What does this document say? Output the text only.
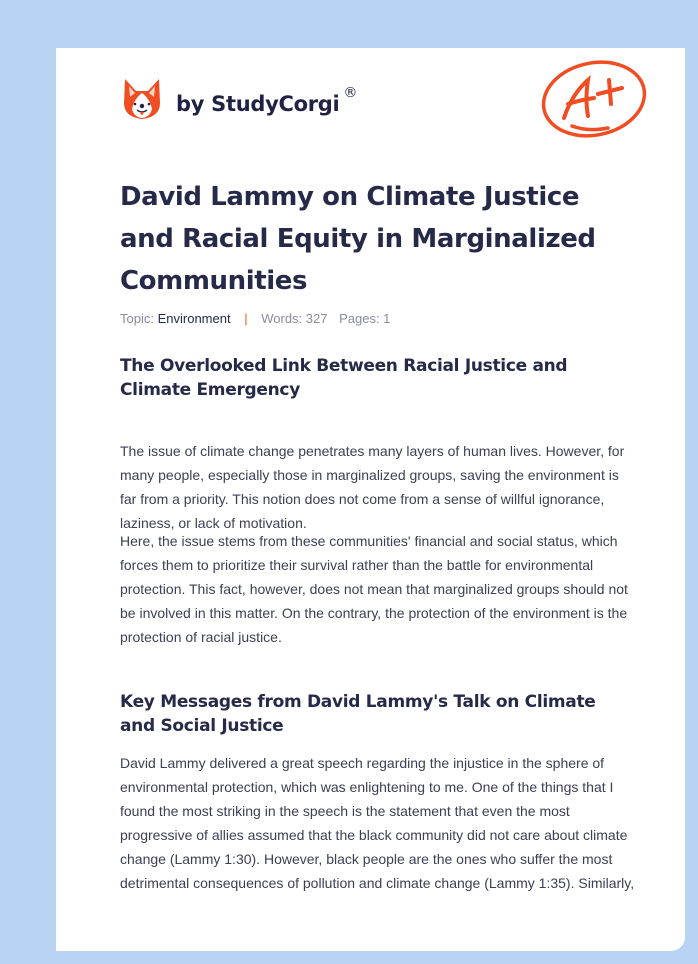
by StudyCorgi ®
David Lammy on Climate Justice and Racial Equity in Marginalized Communities
Topic: Environment | Words: 327 Pages: 1
The Overlooked Link Between Racial Justice and Climate Emergency

The issue of climate change penetrates many layers of human lives. However, for many people, especially those in marginalized groups, saving the environment is far from a priority. This notion does not come from a sense of willful ignorance, laziness, or lack of motivation.

Here, the issue stems from these communities' financial and social status, which forces them to prioritize their survival rather than the battle for environmental protection. This fact, however, does not mean that marginalized groups should not be involved in this matter. On the contrary, the protection of the environment is the protection of racial justice.

Key Messages from David Lammy's Talk on Climate and Social Justice

David Lammy delivered a great speech regarding the injustice in the sphere of environmental protection, which was enlightening to me. One of the things that I found the most striking in the speech is the statement that even the most progressive of allies assumed that the black community did not care about climate change (Lammy 1:30). However, black people are the ones who suffer the most detrimental consequences of pollution and climate change (Lammy 1:35). Similarly,
